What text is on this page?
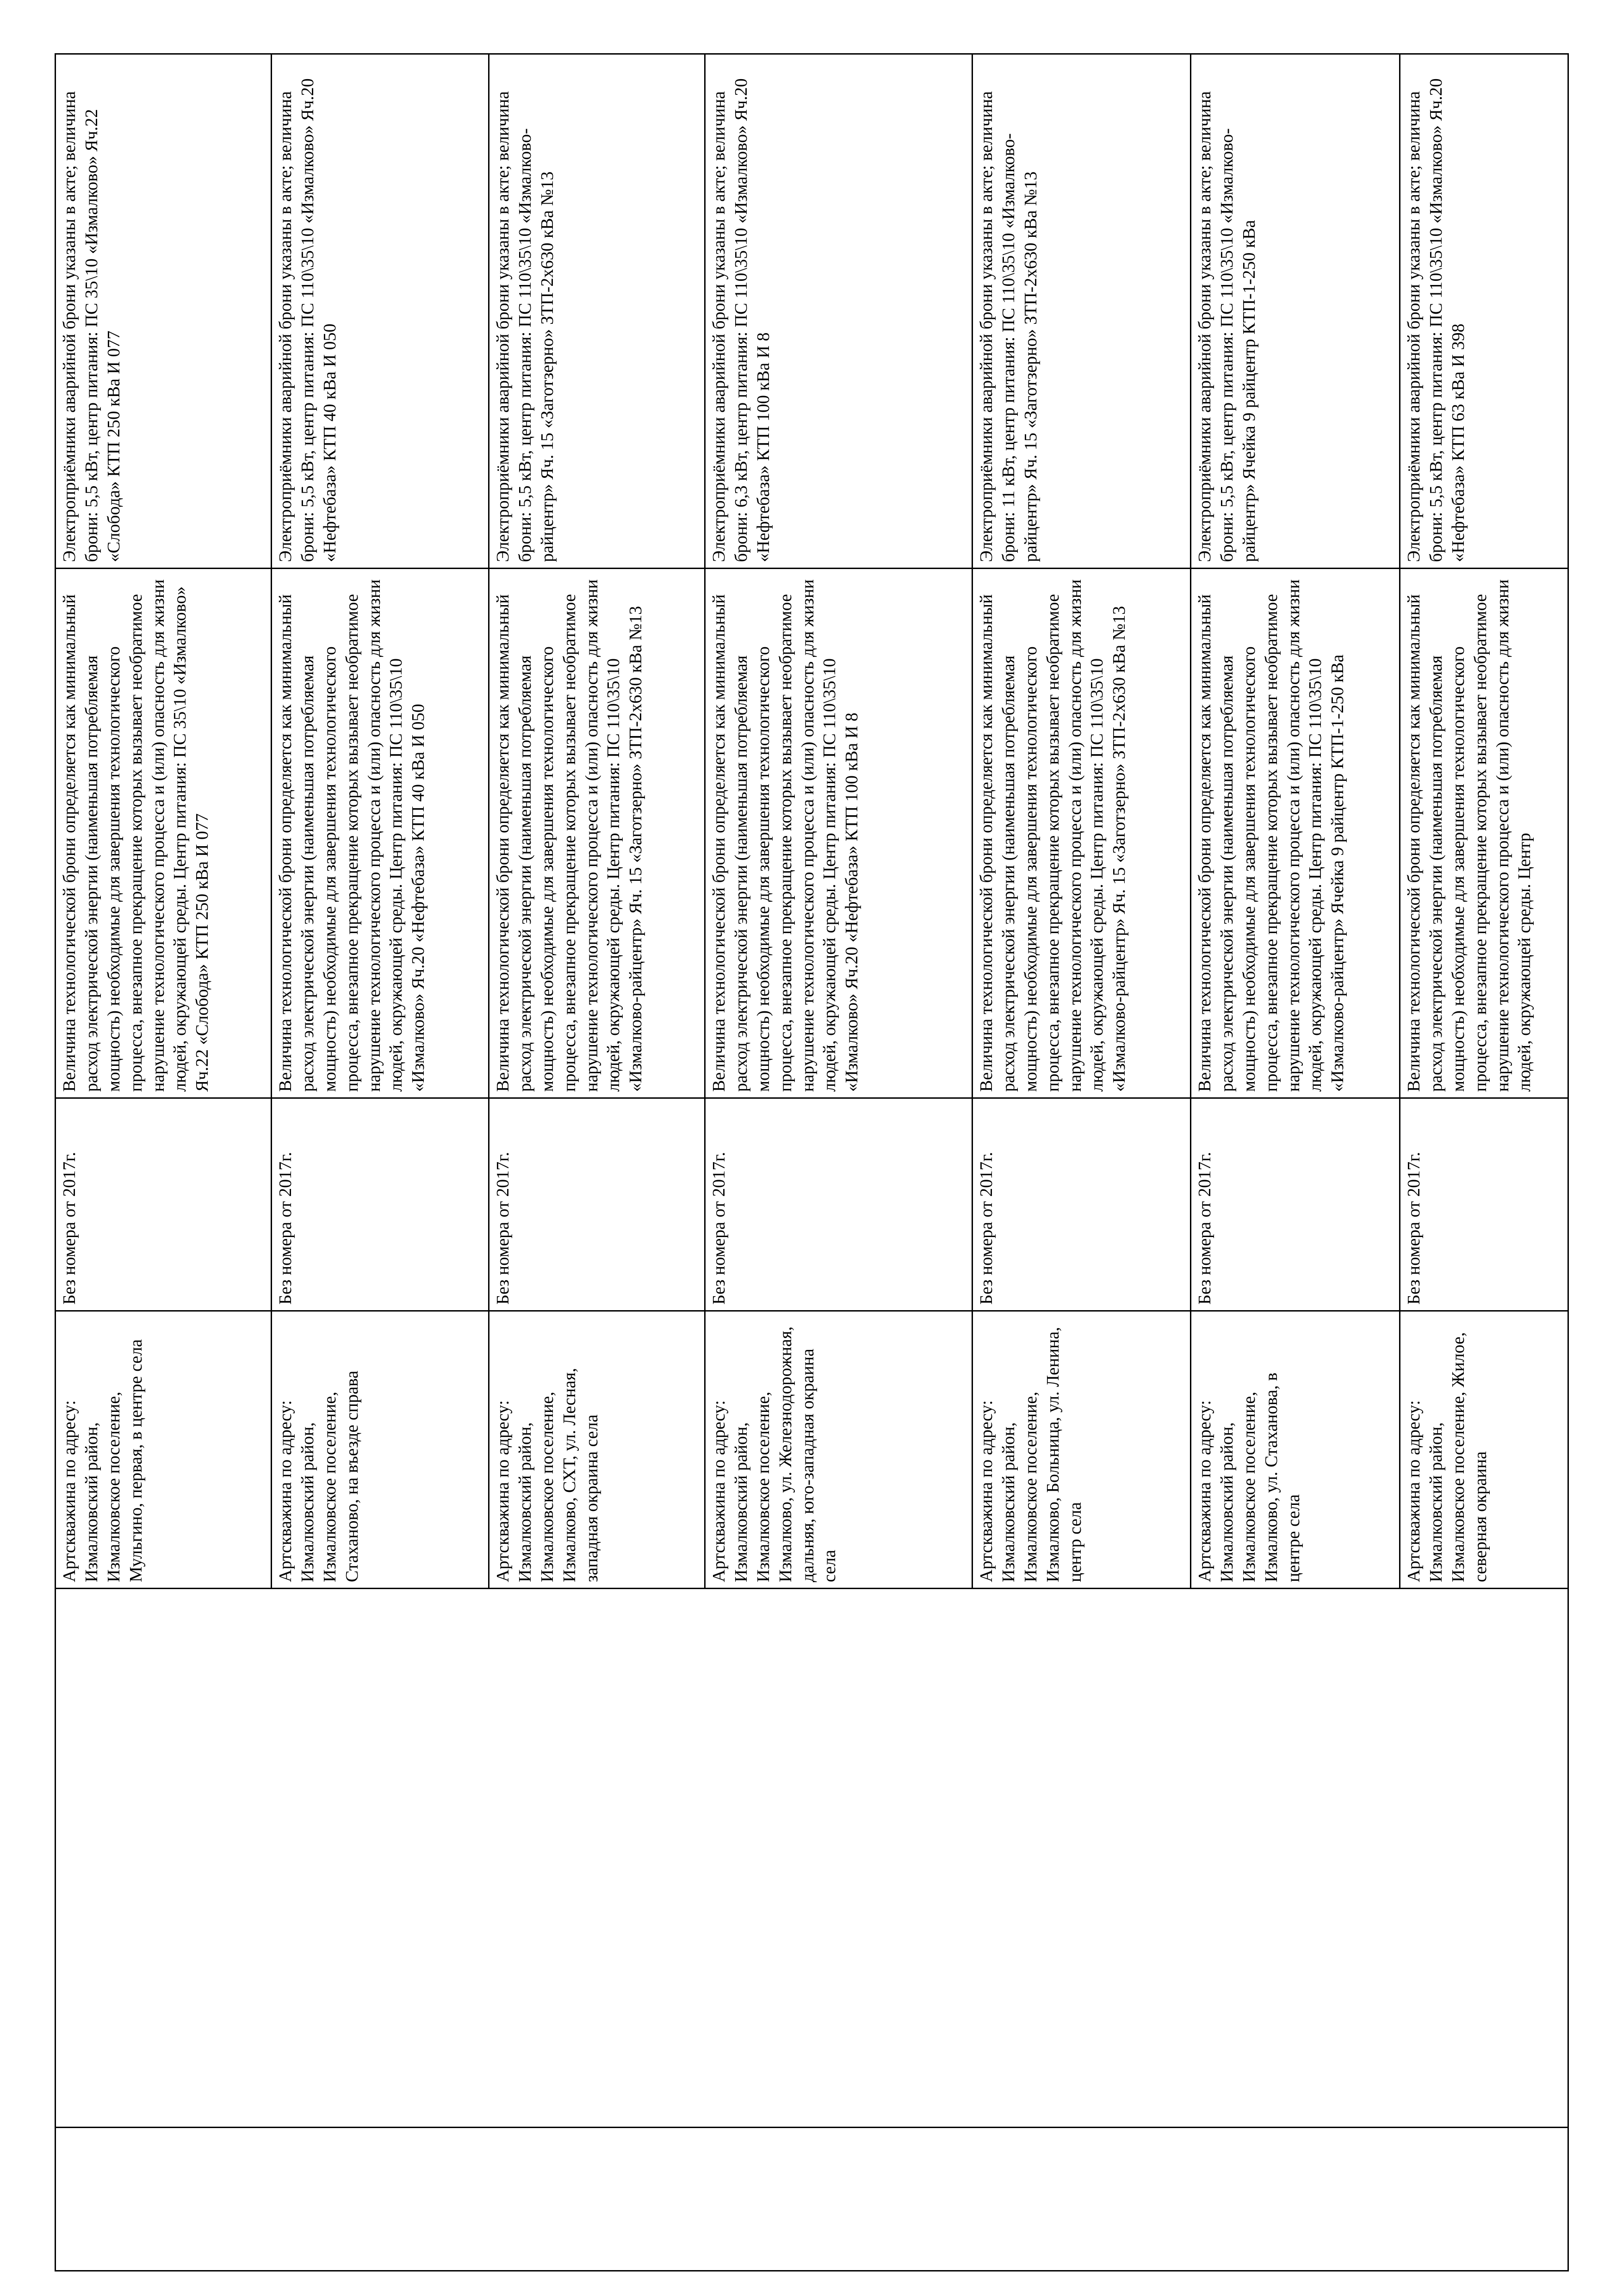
		Артскважина по адресу: Измалковский район, Измалковское поселение, Мульгино, первая, в центре села	Без номера от 2017г.	Величина технологической брони определяется как минимальный расход электрической энергии (наименьшая потребляемая мощность) необходимые для завершения технологического процесса, внезапное прекращение которых вызывает необратимое нарушение технологического процесса и (или) опасность для жизни людей, окружающей среды. Центр питания: ПС 35\10 «Измалково» Яч.22 «Слобода» КТП 250 кВа И 077	Электроприёмники аварийной брони указаны в акте; величина брони: 5,5 кВт, центр питания: ПС 35\10 «Измалково» Яч.22 «Слобода» КТП 250 кВа И 077

		Артскважина по адресу: Измалковский район, Измалковское поселение, Стаханово, на въезде справа	Без номера от 2017г.	Величина технологической брони определяется как минимальный расход электрической энергии (наименьшая потребляемая мощность) необходимые для завершения технологического процесса, внезапное прекращение которых вызывает необратимое нарушение технологического процесса и (или) опасность для жизни людей, окружающей среды. Центр питания: ПС 110\35\10 «Измалково» Яч.20 «Нефтебаза» КТП 40 кВа И 050	Электроприёмники аварийной брони указаны в акте; величина брони: 5,5 кВт, центр питания: ПС 110\35\10 «Измалково» Яч.20 «Нефтебаза» КТП 40 кВа И 050

		Артскважина по адресу: Измалковский район, Измалковское поселение, Измалково, СХТ, ул. Лесная, западная окраина села	Без номера от 2017г.	Величина технологической брони определяется как минимальный расход электрической энергии (наименьшая потребляемая мощность) необходимые для завершения технологического процесса, внезапное прекращение которых вызывает необратимое нарушение технологического процесса и (или) опасность для жизни людей, окружающей среды. Центр питания: ПС 110\35\10 «Измалково-райцентр» Яч. 15 «Заготзерно» ЗТП-2х630 кВа №13	Электроприёмники аварийной брони указаны в акте; величина брони: 5,5 кВт, центр питания: ПС 110\35\10 «Измалково-райцентр» Яч. 15 «Заготзерно» ЗТП-2х630 кВа №13

		Артскважина по адресу: Измалковский район, Измалковское поселение, Измалково, ул. Железнодорожная, дальняя, юго-западная окраина села	Без номера от 2017г.	Величина технологической брони определяется как минимальный расход электрической энергии (наименьшая потребляемая мощность) необходимые для завершения технологического процесса, внезапное прекращение которых вызывает необратимое нарушение технологического процесса и (или) опасность для жизни людей, окружающей среды. Центр питания: ПС 110\35\10 «Измалково» Яч.20 «Нефтебаза» КТП 100 кВа И 8	Электроприёмники аварийной брони указаны в акте; величина брони: 6,3 кВт, центр питания: ПС 110\35\10 «Измалково» Яч.20 «Нефтебаза» КТП 100 кВа И 8

		Артскважина по адресу: Измалковский район, Измалковское поселение, Измалково, Больница, ул. Ленина, центр села	Без номера от 2017г.	Величина технологической брони определяется как минимальный расход электрической энергии (наименьшая потребляемая мощность) необходимые для завершения технологического процесса, внезапное прекращение которых вызывает необратимое нарушение технологического процесса и (или) опасность для жизни людей, окружающей среды. Центр питания: ПС 110\35\10 «Измалково-райцентр» Яч. 15 «Заготзерно» ЗТП-2х630 кВа №13	Электроприёмники аварийной брони указаны в акте; величина брони: 11 кВт, центр питания: ПС 110\35\10 «Измалково-райцентр» Яч. 15 «Заготзерно» ЗТП-2х630 кВа №13

		Артскважина по адресу: Измалковский район, Измалковское поселение, Измалково, ул. Стаханова, в центре села	Без номера от 2017г.	Величина технологической брони определяется как минимальный расход электрической энергии (наименьшая потребляемая мощность) необходимые для завершения технологического процесса, внезапное прекращение которых вызывает необратимое нарушение технологического процесса и (или) опасность для жизни людей, окружающей среды. Центр питания: ПС 110\35\10 «Измалково-райцентр» Ячейка 9 райцентр КТП-1-250 кВа	Электроприёмники аварийной брони указаны в акте; величина брони: 5,5 кВт, центр питания: ПС 110\35\10 «Измалково-райцентр» Ячейка 9 райцентр КТП-1-250 кВа

		Артскважина по адресу: Измалковский район, Измалковское поселение, Жилое, северная окраина	Без номера от 2017г.	Величина технологической брони определяется как минимальный расход электрической энергии (наименьшая потребляемая мощность) необходимые для завершения технологического процесса, внезапное прекращение которых вызывает необратимое нарушение технологического процесса и (или) опасность для жизни людей, окружающей среды. Центр	Электроприёмники аварийной брони указаны в акте; величина брони: 5,5 кВт, центр питания: ПС 110\35\10 «Измалково» Яч.20 «Нефтебаза» КТП 63 кВа И 398
